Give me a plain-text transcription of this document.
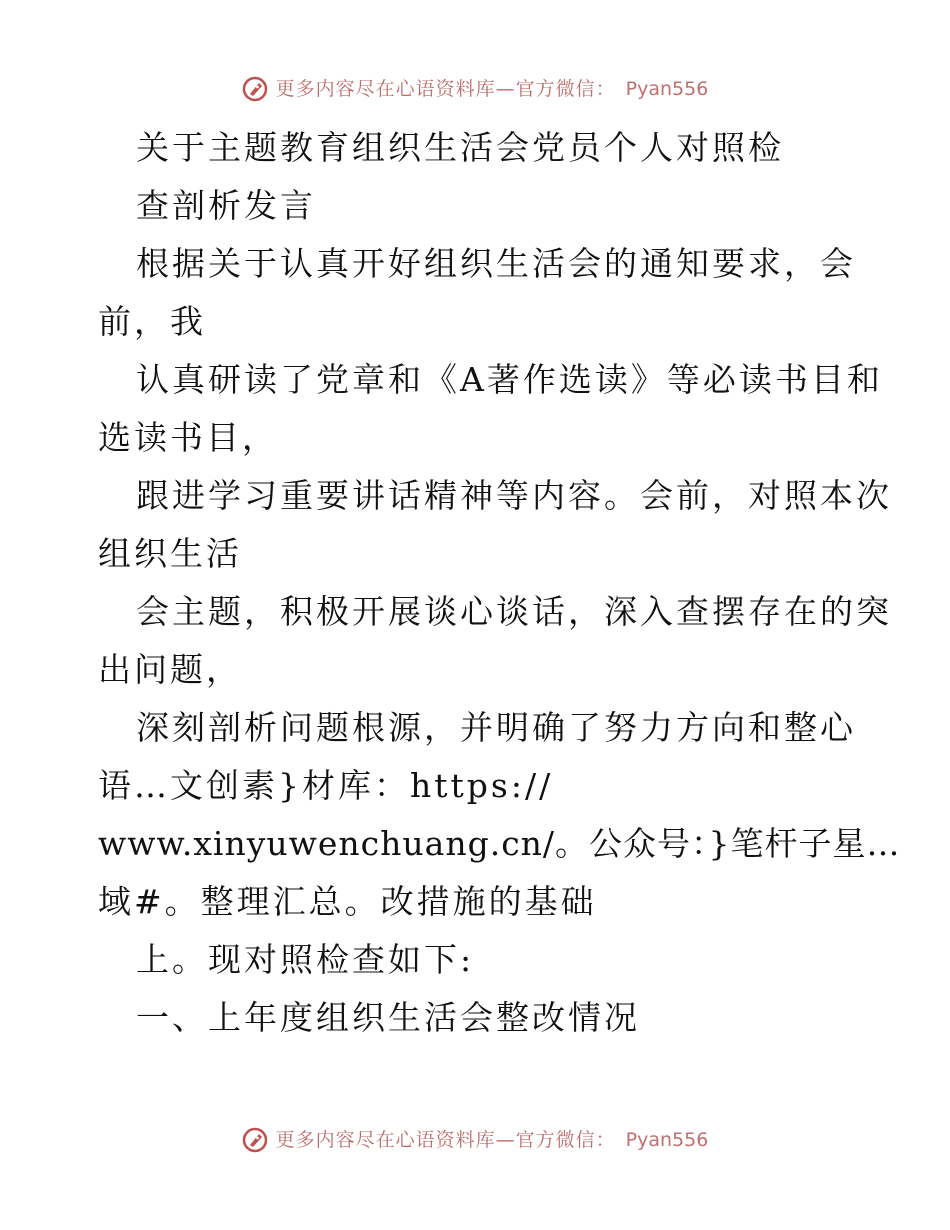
更多内容尽在心语资料库—官方微信： Pyan556
关于主题教育组织生活会党员个人对照检
查剖析发言
根据关于认真开好组织生活会的通知要求，会
前，我
认真研读了党章和《A著作选读》等必读书目和
选读书目，
跟进学习重要讲话精神等内容。会前，对照本次
组织生活
会主题，积极开展谈心谈话，深入查摆存在的突
出问题，
深刻剖析问题根源，并明确了努力方向和整心
语…文创素}材库：https://
www.xinyuwenchuang.cn/。公众号：}笔杆子星…
域#。整理汇总。改措施的基础
上。现对照检查如下:
一、上年度组织生活会整改情况
更多内容尽在心语资料库—官方微信： Pyan556
